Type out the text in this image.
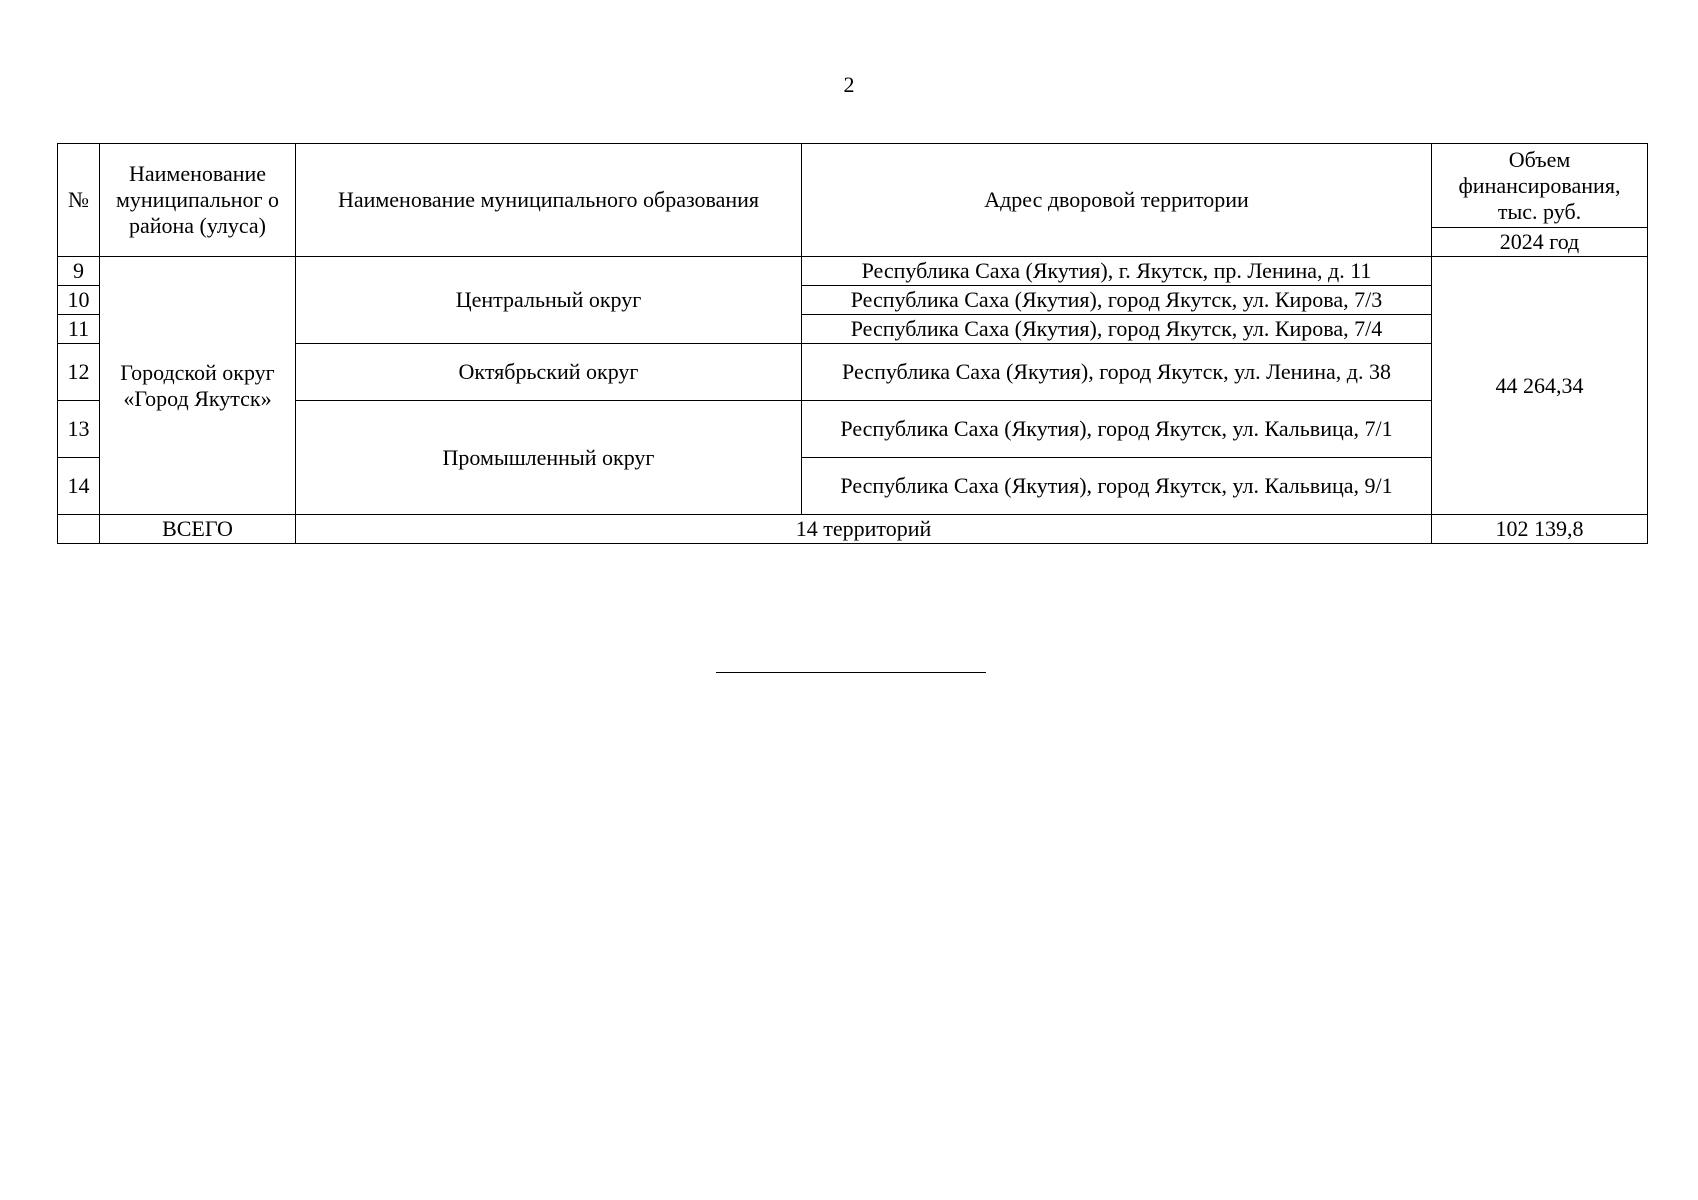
2
№	Наименование муниципальног о района (улуса)	Наименование муниципального образования	Адрес дворовой территории	Объем финансирования, тыс. руб.
				2024 год
9	Городской округ «Город Якутск»	Центральный округ	Республика Саха (Якутия), г. Якутск, пр. Ленина, д. 11	44 264,34
10			Республика Саха (Якутия), город Якутск, ул. Кирова, 7/3	
11			Республика Саха (Якутия), город Якутск, ул. Кирова, 7/4	
12		Октябрьский округ	Республика Саха (Якутия), город Якутск, ул. Ленина, д. 38	
13		Промышленный округ	Республика Саха (Якутия), город Якутск, ул. Кальвица, 7/1	
14			Республика Саха (Якутия), город Якутск, ул. Кальвица, 9/1	
	ВСЕГО	14 территорий		102 139,8
